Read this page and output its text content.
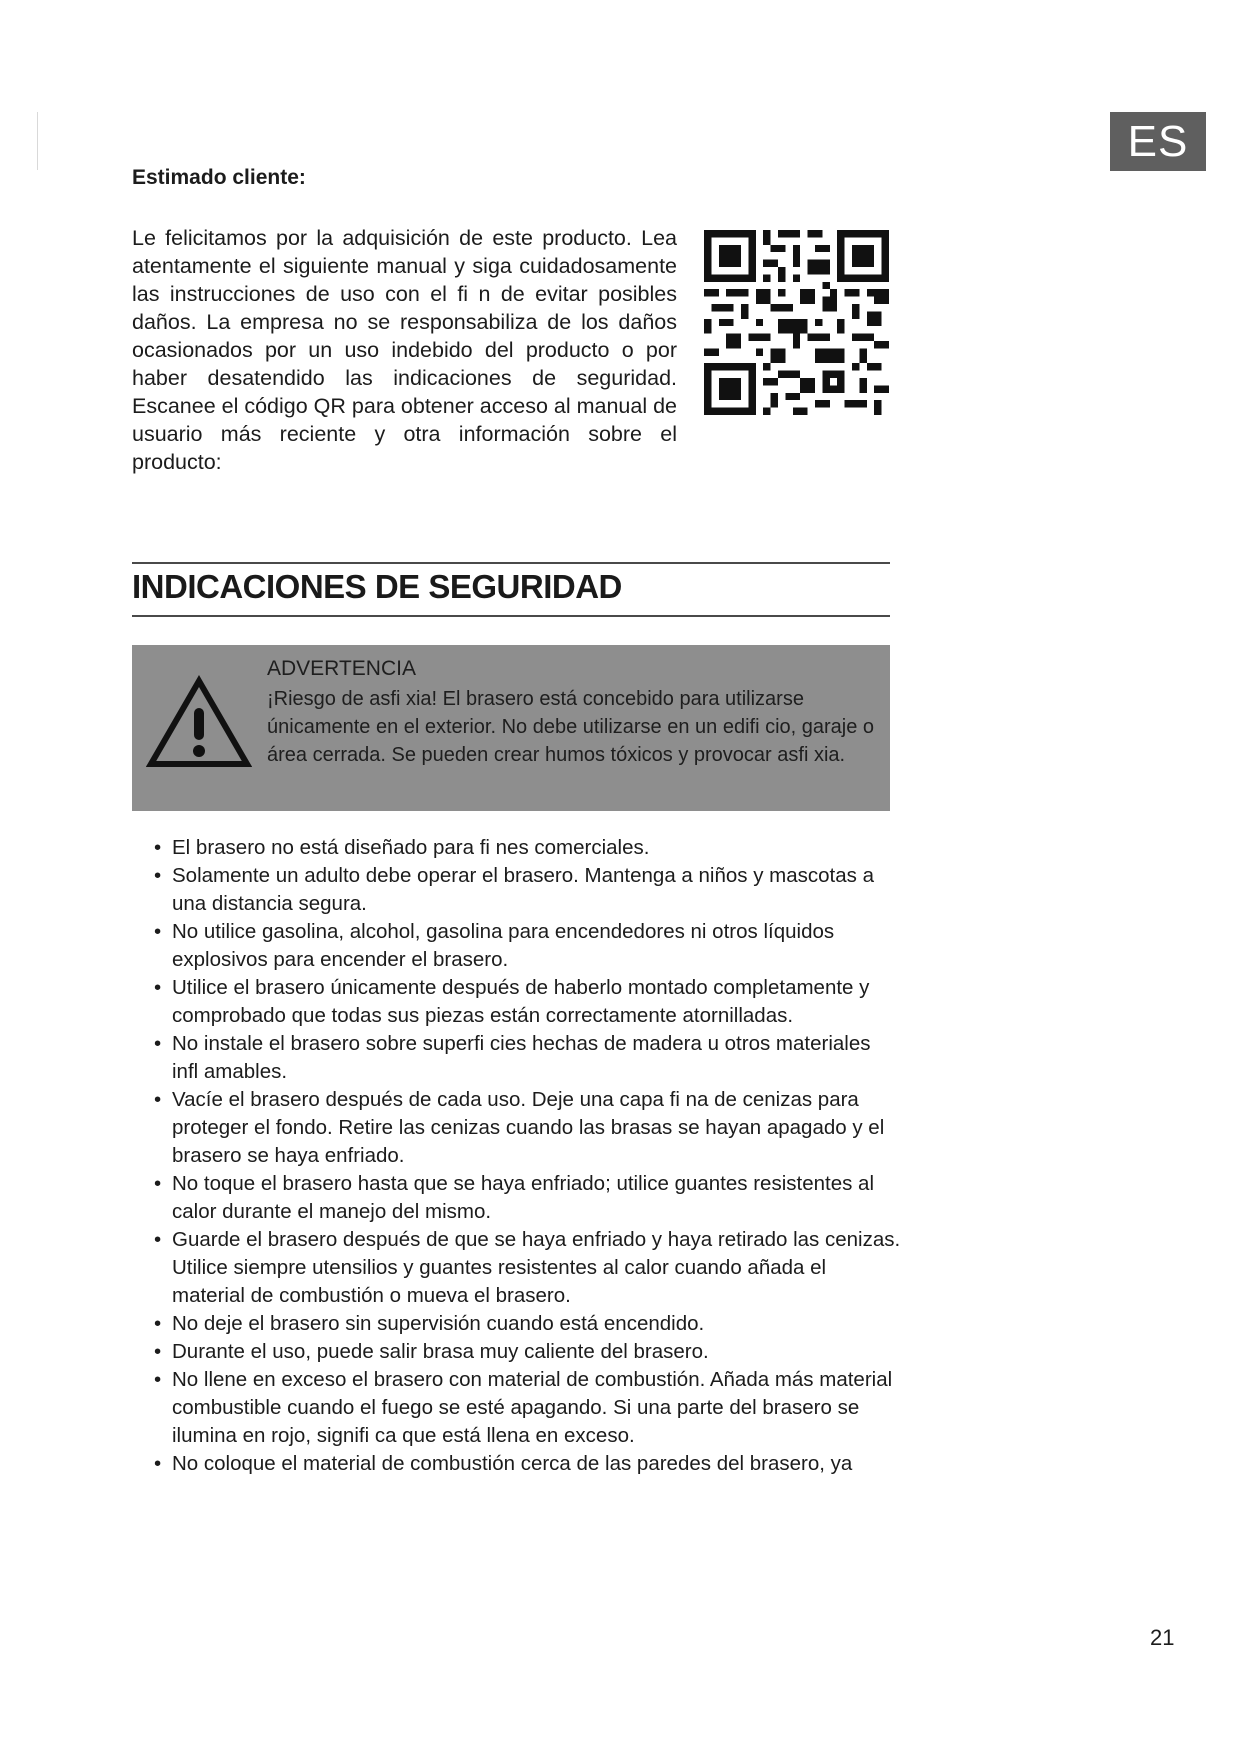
ES
Estimado cliente:
Le felicitamos por la adquisición de este producto. Lea atentamente el siguiente manual y siga cuidadosamente las instrucciones de uso con el fi n de evitar posibles daños. La empresa no se responsabiliza de los daños ocasionados por un uso indebido del producto o por haber desatendido las indicaciones de seguridad. Escanee el código QR para obtener acceso al manual de usuario más reciente y otra información sobre el producto:
INDICACIONES DE SEGURIDAD
ADVERTENCIA
¡Riesgo de asfi xia! El brasero está concebido para utilizarse únicamente en el exterior. No debe utilizarse en un edifi cio, garaje o área cerrada. Se pueden crear humos tóxicos y provocar asfi xia.
• El brasero no está diseñado para fi nes comerciales.
• Solamente un adulto debe operar el brasero. Mantenga a niños y mascotas a una distancia segura.
• No utilice gasolina, alcohol, gasolina para encendedores ni otros líquidos explosivos para encender el brasero.
• Utilice el brasero únicamente después de haberlo montado completamente y comprobado que todas sus piezas están correctamente atornilladas.
• No instale el brasero sobre superfi cies hechas de madera u otros materiales infl amables.
• Vacíe el brasero después de cada uso. Deje una capa fi na de cenizas para proteger el fondo. Retire las cenizas cuando las brasas se hayan apagado y el brasero se haya enfriado.
• No toque el brasero hasta que se haya enfriado; utilice guantes resistentes al calor durante el manejo del mismo.
• Guarde el brasero después de que se haya enfriado y haya retirado las cenizas. Utilice siempre utensilios y guantes resistentes al calor cuando añada el material de combustión o mueva el brasero.
• No deje el brasero sin supervisión cuando está encendido.
• Durante el uso, puede salir brasa muy caliente del brasero.
• No llene en exceso el brasero con material de combustión. Añada más material combustible cuando el fuego se esté apagando. Si una parte del brasero se ilumina en rojo, signifi ca que está llena en exceso.
• No coloque el material de combustión cerca de las paredes del brasero, ya
21
